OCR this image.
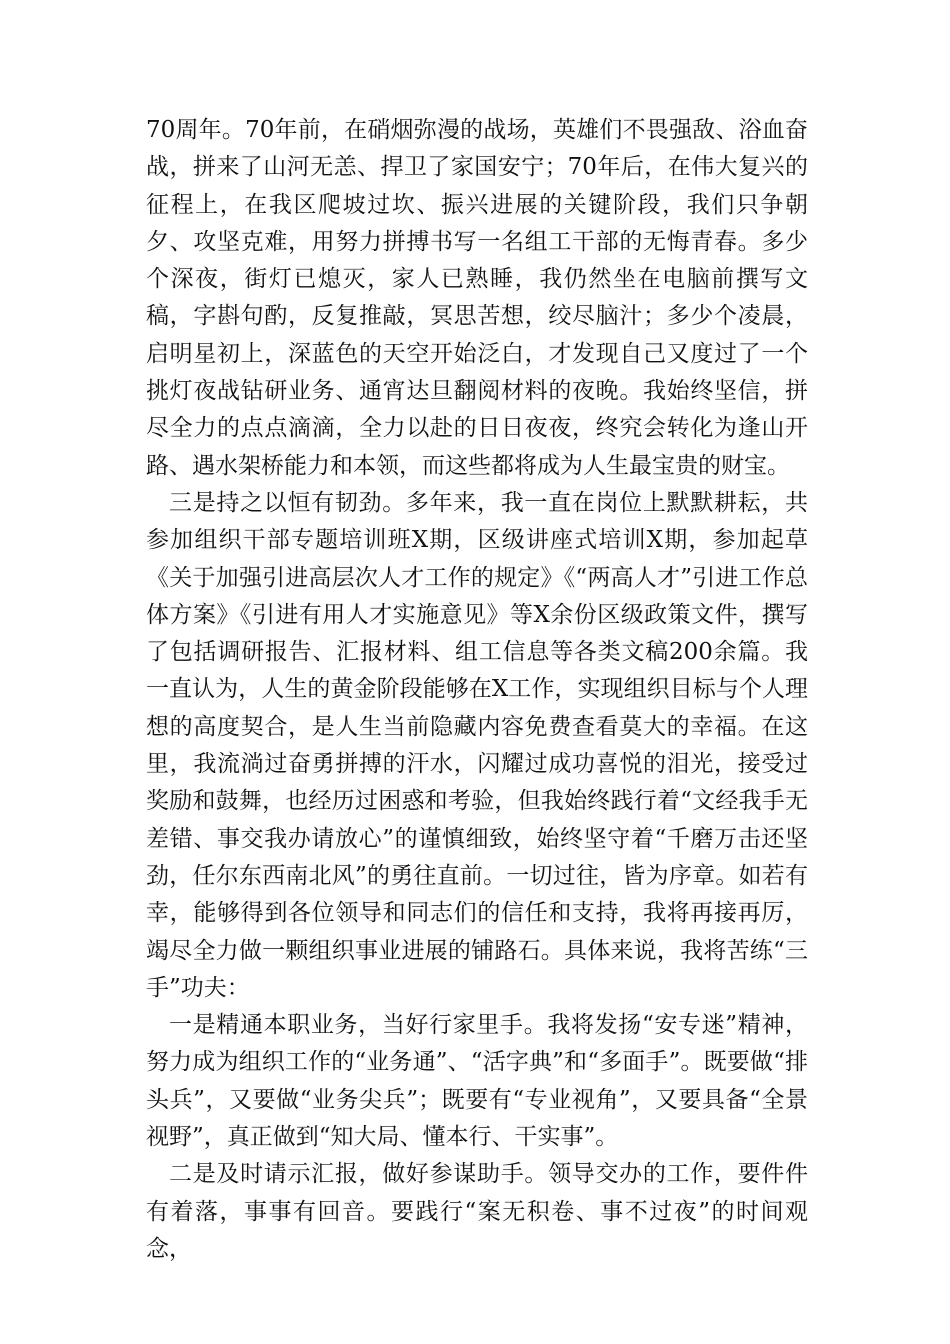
70周年。70年前，在硝烟弥漫的战场，英雄们不畏强敌、浴血奋战，拼来了山河无恙、捍卫了家国安宁；70年后，在伟大复兴的征程上，在我区爬坡过坎、振兴进展的关键阶段，我们只争朝夕、攻坚克难，用努力拼搏书写一名组工干部的无悔青春。多少个深夜，街灯已熄灭，家人已熟睡，我仍然坐在电脑前撰写文稿，字斟句酌，反复推敲，冥思苦想，绞尽脑汁；多少个凌晨，启明星初上，深蓝色的天空开始泛白，才发现自己又度过了一个挑灯夜战钻研业务、通宵达旦翻阅材料的夜晚。我始终坚信，拼尽全力的点点滴滴，全力以赴的日日夜夜，终究会转化为逢山开路、遇水架桥能力和本领，而这些都将成为人生最宝贵的财宝。

三是持之以恒有韧劲。多年来，我一直在岗位上默默耕耘，共参加组织干部专题培训班X期，区级讲座式培训X期，参加起草《关于加强引进高层次人才工作的规定》《“两高人才”引进工作总体方案》《引进有用人才实施意见》等X余份区级政策文件，撰写了包括调研报告、汇报材料、组工信息等各类文稿200余篇。我一直认为，人生的黄金阶段能够在X工作，实现组织目标与个人理想的高度契合，是人生当前隐藏内容免费查看莫大的幸福。在这里，我流淌过奋勇拼搏的汗水，闪耀过成功喜悦的泪光，接受过奖励和鼓舞，也经历过困惑和考验，但我始终践行着“文经我手无差错、事交我办请放心”的谨慎细致，始终坚守着“千磨万击还坚劲，任尔东西南北风”的勇往直前。一切过往，皆为序章。如若有幸，能够得到各位领导和同志们的信任和支持，我将再接再厉，竭尽全力做一颗组织事业进展的铺路石。具体来说，我将苦练“三手”功夫：

一是精通本职业务，当好行家里手。我将发扬“安专迷”精神，努力成为组织工作的“业务通”、“活字典”和“多面手”。既要做“排头兵”，又要做“业务尖兵”；既要有“专业视角”，又要具备“全景视野”，真正做到“知大局、懂本行、干实事”。

二是及时请示汇报，做好参谋助手。领导交办的工作，要件件有着落，事事有回音。要践行“案无积卷、事不过夜”的时间观念，
